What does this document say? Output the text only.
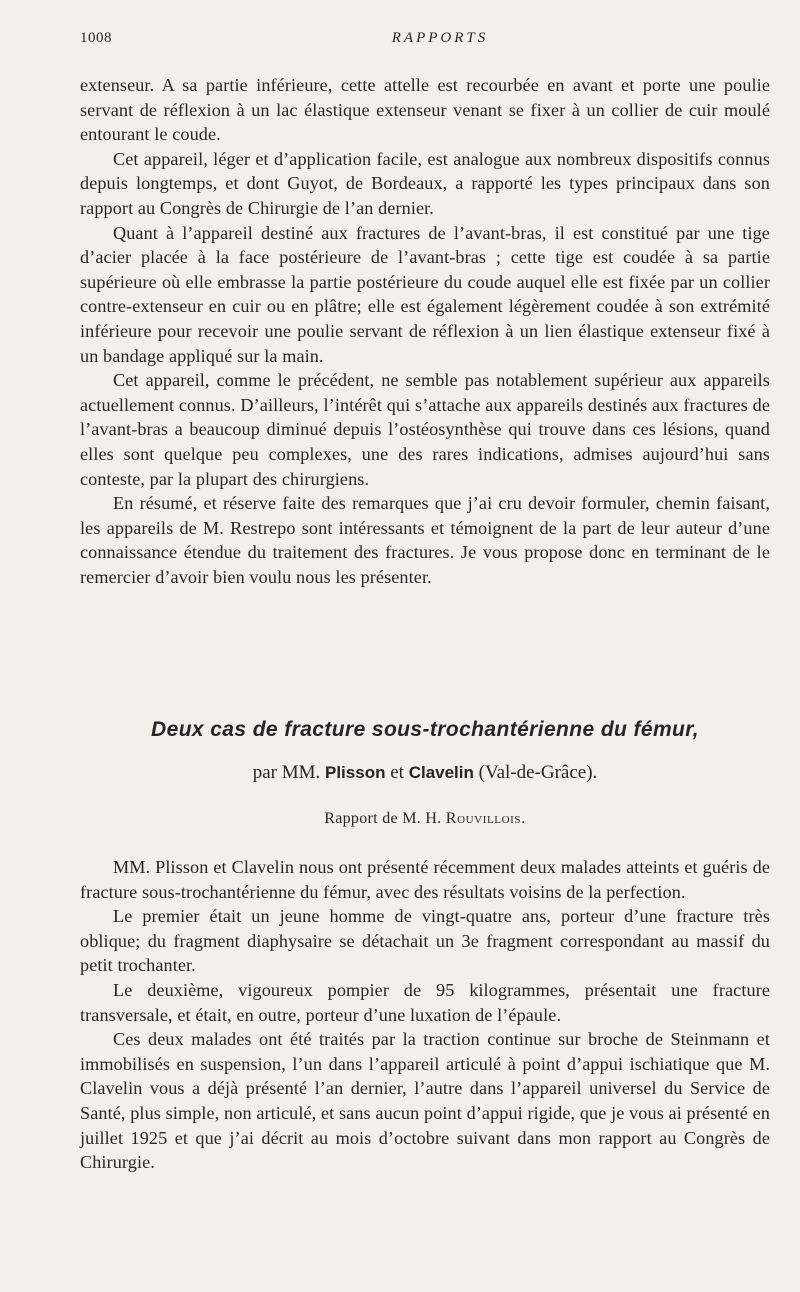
1008	RAPPORTS

extenseur. A sa partie inférieure, cette attelle est recourbée en avant et porte une poulie servant de réflexion à un lac élastique extenseur venant se fixer à un collier de cuir moulé entourant le coude.

Cet appareil, léger et d’application facile, est analogue aux nombreux dispositifs connus depuis longtemps, et dont Guyot, de Bordeaux, a rapporté les types principaux dans son rapport au Congrès de Chirurgie de l’an dernier.

Quant à l’appareil destiné aux fractures de l’avant-bras, il est constitué par une tige d’acier placée à la face postérieure de l’avant-bras ; cette tige est coudée à sa partie supérieure où elle embrasse la partie postérieure du coude auquel elle est fixée par un collier contre-extenseur en cuir ou en plâtre; elle est également légèrement coudée à son extrémité inférieure pour recevoir une poulie servant de réflexion à un lien élastique extenseur fixé à un bandage appliqué sur la main.

Cet appareil, comme le précédent, ne semble pas notablement supérieur aux appareils actuellement connus. D’ailleurs, l’intérêt qui s’attache aux appareils destinés aux fractures de l’avant-bras a beaucoup diminué depuis l’ostéosynthèse qui trouve dans ces lésions, quand elles sont quelque peu complexes, une des rares indications, admises aujourd’hui sans conteste, par la plupart des chirurgiens.

En résumé, et réserve faite des remarques que j’ai cru devoir formuler, chemin faisant, les appareils de M. Restrepo sont intéressants et témoignent de la part de leur auteur d’une connaissance étendue du traitement des fractures. Je vous propose donc en terminant de le remercier d’avoir bien voulu nous les présenter.

Deux cas de fracture sous-trochantérienne du fémur,
par MM. Plisson et Clavelin (Val-de-Grâce).
Rapport de M. H. Rouvillois.

MM. Plisson et Clavelin nous ont présenté récemment deux malades atteints et guéris de fracture sous-trochantérienne du fémur, avec des résultats voisins de la perfection.

Le premier était un jeune homme de vingt-quatre ans, porteur d’une fracture très oblique; du fragment diaphysaire se détachait un 3e fragment correspondant au massif du petit trochanter.

Le deuxième, vigoureux pompier de 95 kilogrammes, présentait une fracture transversale, et était, en outre, porteur d’une luxation de l’épaule.

Ces deux malades ont été traités par la traction continue sur broche de Steinmann et immobilisés en suspension, l’un dans l’appareil articulé à point d’appui ischiatique que M. Clavelin vous a déjà présenté l’an dernier, l’autre dans l’appareil universel du Service de Santé, plus simple, non articulé, et sans aucun point d’appui rigide, que je vous ai présenté en juillet 1925 et que j’ai décrit au mois d’octobre suivant dans mon rapport au Congrès de Chirurgie.
